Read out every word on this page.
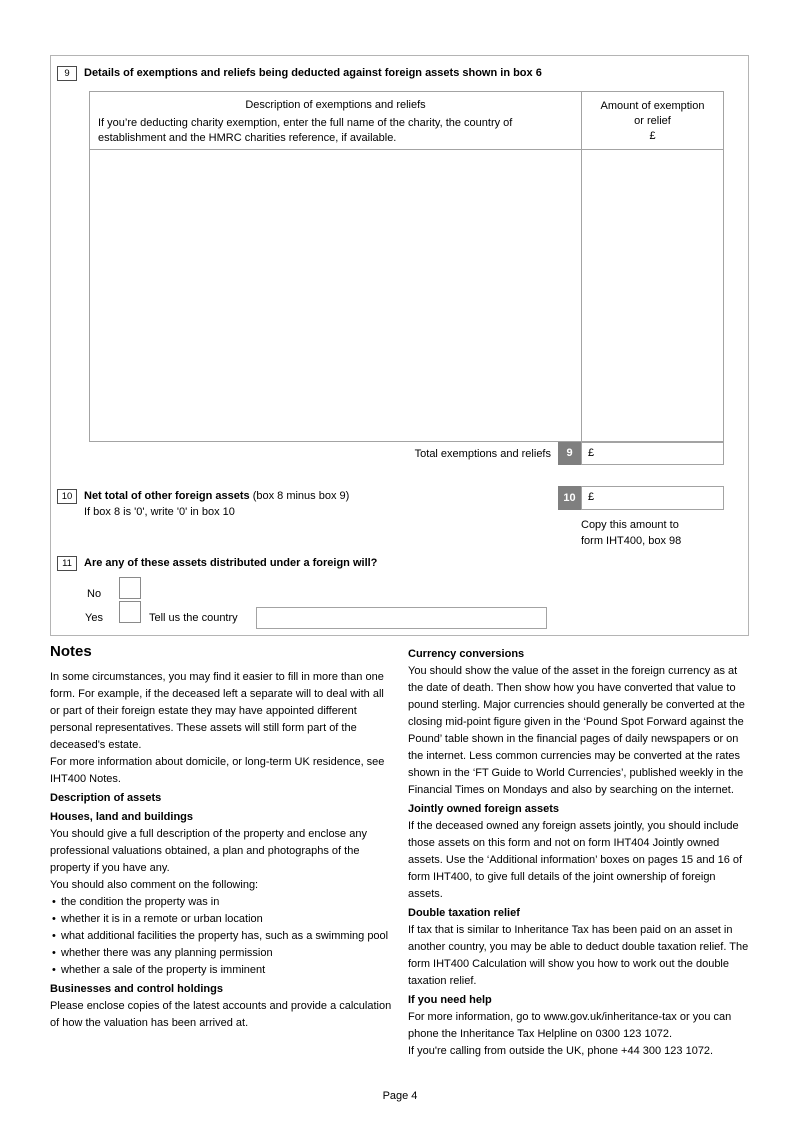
9	Details of exemptions and reliefs being deducted against foreign assets shown in box 6
Description of exemptions and reliefs
If you’re deducting charity exemption, enter the full name of the charity, the country of establishment and the HMRC charities reference, if available.
Amount of exemption
or relief
£
Total exemptions and reliefs	9	£
10	Net total of other foreign assets (box 8 minus box 9)
If box 8 is '0', write '0' in box 10
10	£
Copy this amount to
form IHT400, box 98
11	Are any of these assets distributed under a foreign will?
No
Yes	Tell us the country
Notes

In some circumstances, you may find it easier to fill in more than one form. For example, if the deceased left a separate will to deal with all or part of their foreign estate they may have appointed different personal representatives. These assets will still form part of the deceased's estate.

For more information about domicile, or long-term UK residence, see IHT400 Notes.

Description of assets
Houses, land and buildings

You should give a full description of the property and enclose any professional valuations obtained, a plan and photographs of the property if you have any.

You should also comment on the following:

• the condition the property was in
• whether it is in a remote or urban location
• what additional facilities the property has, such as a swimming pool
• whether there was any planning permission
• whether a sale of the property is imminent
Businesses and control holdings

Please enclose copies of the latest accounts and provide a calculation of how the valuation has been arrived at.

Currency conversions

You should show the value of the asset in the foreign currency as at the date of death. Then show how you have converted that value to pound sterling. Major currencies should generally be converted at the closing mid-point figure given in the ‘Pound Spot Forward against the Pound’ table shown in the financial pages of daily newspapers or on the internet. Less common currencies may be converted at the rates shown in the ‘FT Guide to World Currencies’, published weekly in the Financial Times on Mondays and also by searching on the internet.

Jointly owned foreign assets

If the deceased owned any foreign assets jointly, you should include those assets on this form and not on form IHT404 Jointly owned assets. Use the ‘Additional information’ boxes on pages 15 and 16 of form IHT400, to give full details of the joint ownership of foreign assets.

Double taxation relief

If tax that is similar to Inheritance Tax has been paid on an asset in another country, you may be able to deduct double taxation relief. The form IHT400 Calculation will show you how to work out the double taxation relief.

If you need help

For more information, go to www.gov.uk/inheritance-tax or you can phone the Inheritance Tax Helpline on 0300 123 1072.

If you're calling from outside the UK, phone +44 300 123 1072.

Page 4
